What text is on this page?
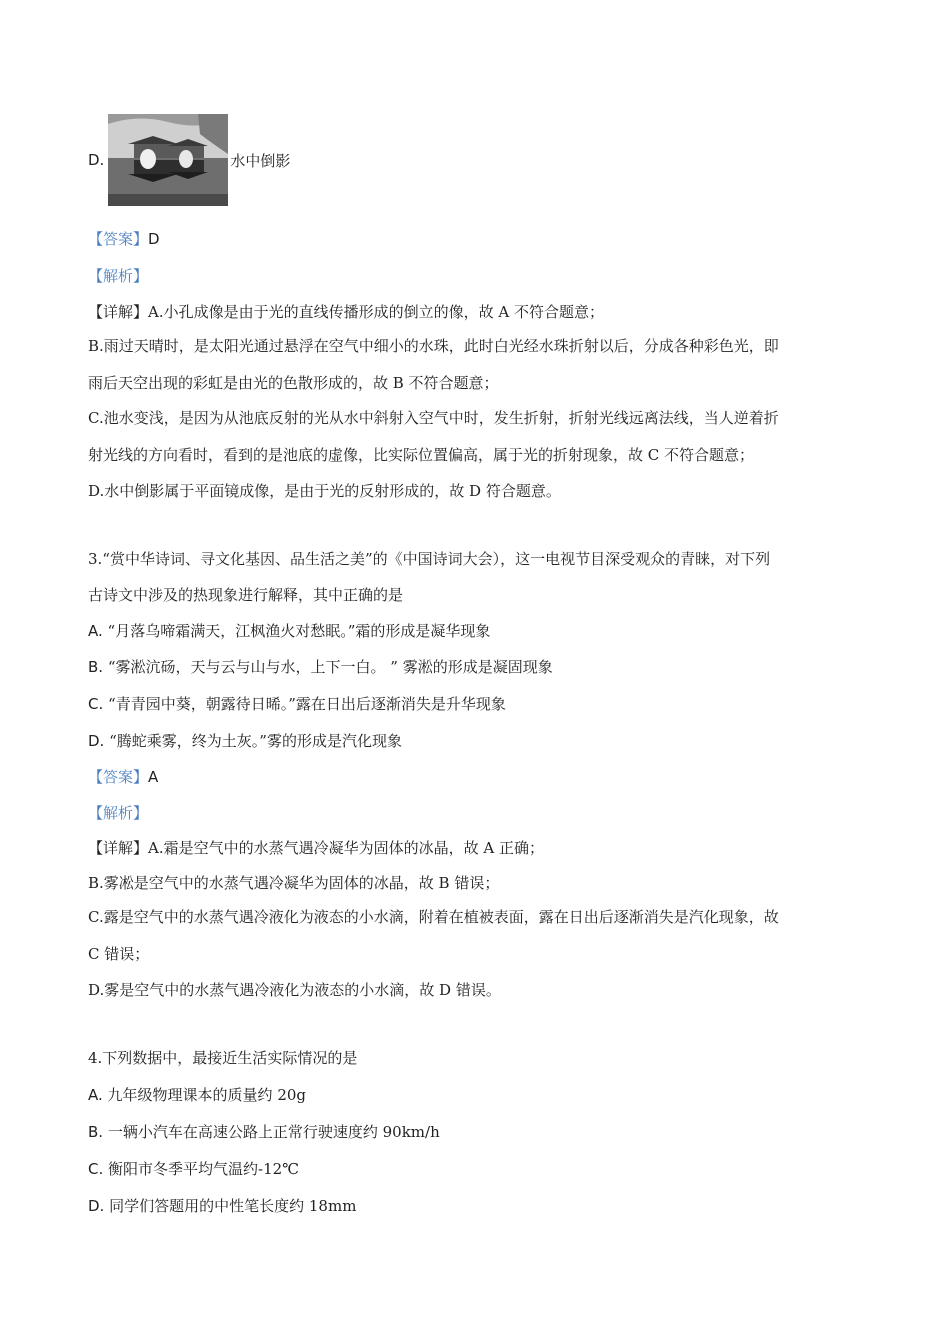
D.	水中倒影
【答案】D
【解析】
【详解】A.小孔成像是由于光的直线传播形成的倒立的像，故 A 不符合题意；
B.雨过天晴时，是太阳光通过悬浮在空气中细小的水珠，此时白光经水珠折射以后，分成各种彩色光，即
雨后天空出现的彩虹是由光的色散形成的，故 B 不符合题意；
C.池水变浅，是因为从池底反射的光从水中斜射入空气中时，发生折射，折射光线远离法线，当人逆着折
射光线的方向看时，看到的是池底的虚像，比实际位置偏高，属于光的折射现象，故 C 不符合题意；
D.水中倒影属于平面镜成像，是由于光的反射形成的，故 D 符合题意。
3.“赏中华诗词、寻文化基因、品生活之美”的《中国诗词大会），这一电视节目深受观众的青睐，对下列
古诗文中涉及的热现象进行解释，其中正确的是
A. “月落乌啼霜满天，江枫渔火对愁眠。”霜的形成是凝华现象
B. “雾淞沆砀，天与云与山与水，上下一白。 ” 雾淞的形成是凝固现象
C. “青青园中葵，朝露待日晞。”露在日出后逐渐消失是升华现象
D. “腾蛇乘雾，终为土灰。”雾的形成是汽化现象
【答案】A
【解析】
【详解】A.霜是空气中的水蒸气遇冷凝华为固体的冰晶，故 A 正确；
B.雾凇是空气中的水蒸气遇冷凝华为固体的冰晶，故 B 错误；
C.露是空气中的水蒸气遇冷液化为液态的小水滴，附着在植被表面，露在日出后逐渐消失是汽化现象，故
C 错误；
D.雾是空气中的水蒸气遇冷液化为液态的小水滴，故 D 错误。
4.下列数据中，最接近生活实际情况的是
A. 九年级物理课本的质量约 20g
B. 一辆小汽车在高速公路上正常行驶速度约 90km/h
C. 衡阳市冬季平均气温约-12℃
D. 同学们答题用的中性笔长度约 18mm
